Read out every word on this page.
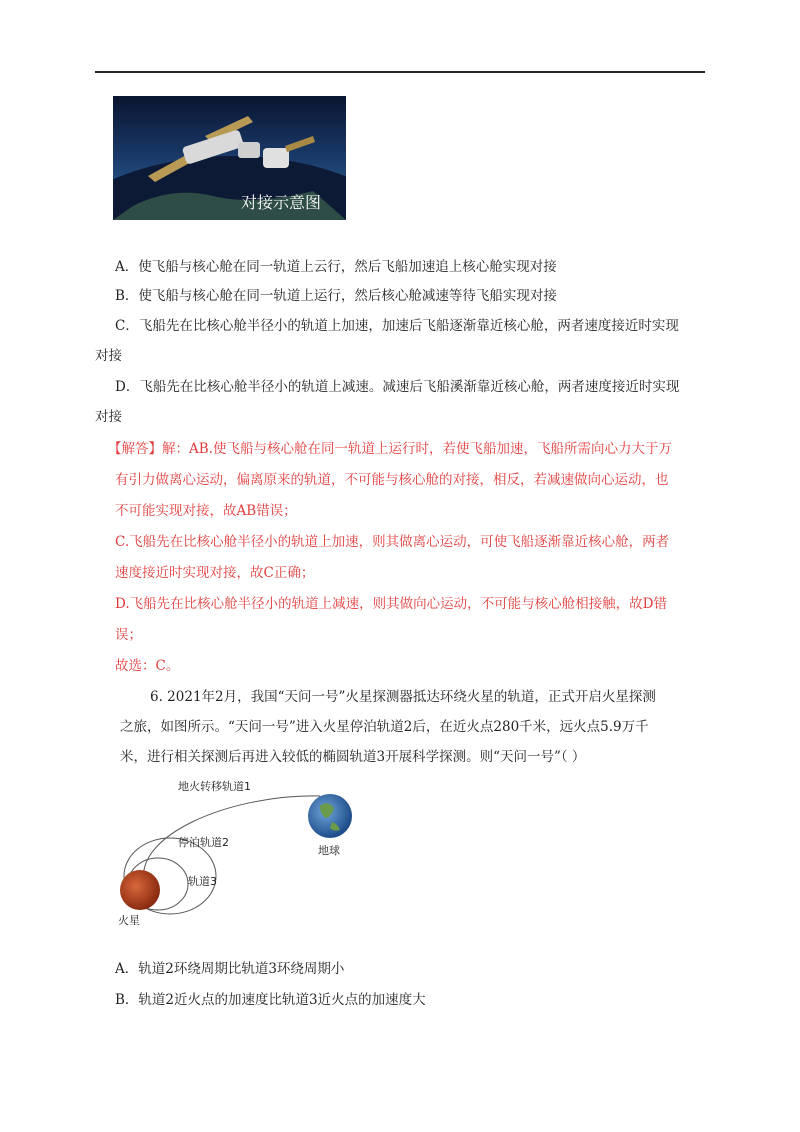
对接示意图
A．使飞船与核心舱在同一轨道上云行，然后飞船加速追上核心舱实现对接
B．使飞船与核心舱在同一轨道上运行，然后核心舱减速等待飞船实现对接
C．飞船先在比核心舱半径小的轨道上加速，加速后飞船逐渐靠近核心舱，两者速度接近时实现
对接
D．飞船先在比核心舱半径小的轨道上减速。减速后飞船溪渐靠近核心舱，两者速度接近时实现
对接
【解答】解：AB.使飞船与核心舱在同一轨道上运行时，若使飞船加速，飞船所需向心力大于万
有引力做离心运动，偏离原来的轨道，不可能与核心舱的对接，相反，若减速做向心运动，也
不可能实现对接，故AB错误；
C.飞船先在比核心舱半径小的轨道上加速，则其做离心运动，可使飞船逐渐靠近核心舱，两者
速度接近时实现对接，故C正确；
D.飞船先在比核心舱半径小的轨道上减速，则其做向心运动，不可能与核心舱相接触，故D错
误；
故选：C。
6. 2021年2月，我国“天问一号”火星探测器抵达环绕火星的轨道，正式开启火星探测
之旅，如图所示。“天问一号”进入火星停泊轨道2后，在近火点280千米，远火点5.9万千
米，进行相关探测后再进入较低的椭圆轨道3开展科学探测。则“天问一号”（ ）
地火转移轨道1
停泊轨道2
轨道3
地球
火星
A．轨道2环绕周期比轨道3环绕周期小
B．轨道2近火点的加速度比轨道3近火点的加速度大
